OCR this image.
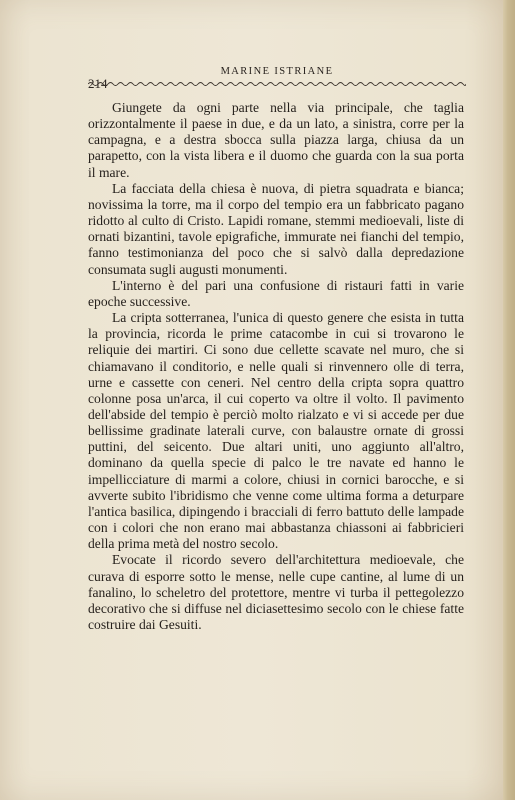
214
MARINE ISTRIANE

Giungete da ogni parte nella via principale, che taglia orizzontalmente il paese in due, e da un lato, a sinistra, corre per la campagna, e a destra sbocca sulla piazza larga, chiusa da un parapetto, con la vista libera e il duomo che guarda con la sua porta il mare.

La facciata della chiesa è nuova, di pietra squadrata e bianca; novissima la torre, ma il corpo del tempio era un fabbricato pagano ridotto al culto di Cristo. Lapidi romane, stemmi medioevali, liste di ornati bizantini, tavole epigrafiche, immurate nei fianchi del tempio, fanno testimonianza del poco che si salvò dalla depredazione consumata sugli augusti monumenti.

L'interno è del pari una confusione di ristauri fatti in varie epoche successive.

La cripta sotterranea, l'unica di questo genere che esista in tutta la provincia, ricorda le prime catacombe in cui si trovarono le reliquie dei martiri. Ci sono due cellette scavate nel muro, che si chiamavano il conditorio, e nelle quali si rinvennero olle di terra, urne e cassette con ceneri. Nel centro della cripta sopra quattro colonne posa un'arca, il cui coperto va oltre il volto. Il pavimento dell'abside del tempio è perciò molto rialzato e vi si accede per due bellissime gradinate laterali curve, con balaustre ornate di grossi puttini, del seicento. Due altari uniti, uno aggiunto all'altro, dominano da quella specie di palco le tre navate ed hanno le impellicciature di marmi a colore, chiusi in cornici barocche, e si avverte subito l'ibridismo che venne come ultima forma a deturpare l'antica basilica, dipingendo i bracciali di ferro battuto delle lampade con i colori che non erano mai abbastanza chiassoni ai fabbricieri della prima metà del nostro secolo.

Evocate il ricordo severo dell'architettura medioevale, che curava di esporre sotto le mense, nelle cupe cantine, al lume di un fanalino, lo scheletro del protettore, mentre vi turba il pettegolezzo decorativo che si diffuse nel diciasettesimo secolo con le chiese fatte costruire dai Gesuiti.
